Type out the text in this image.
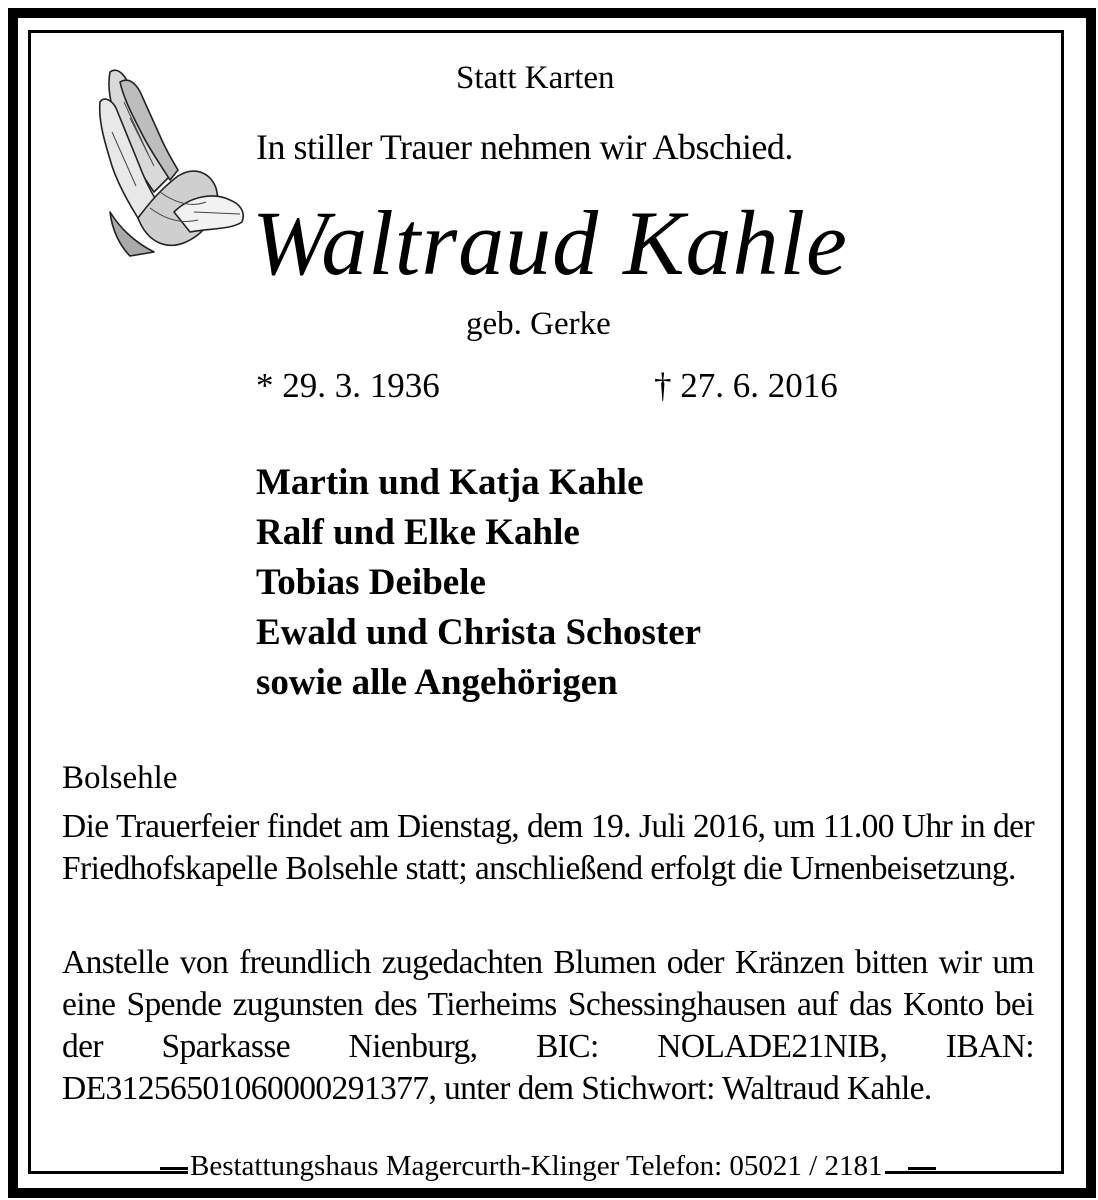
Statt Karten
In stiller Trauer nehmen wir Abschied.
Waltraud Kahle
geb. Gerke
* 29. 3. 1936	† 27. 6. 2016
Martin und Katja Kahle
Ralf und Elke Kahle
Tobias Deibele
Ewald und Christa Schoster
sowie alle Angehörigen
Bolsehle

Die Trauerfeier findet am Dienstag, dem 19. Juli 2016, um 11.00 Uhr in der Friedhofskapelle Bolsehle statt; anschließend erfolgt die Urnenbeisetzung.

Anstelle von freundlich zugedachten Blumen oder Kränzen bitten wir um eine Spende zugunsten des Tierheims Schessinghausen auf das Konto bei der Sparkasse Nienburg, BIC: NOLADE21NIB, IBAN: DE31256501060000291377, unter dem Stichwort: Waltraud Kahle.

Bestattungshaus Magercurth-Klinger Telefon: 05021 / 2181
